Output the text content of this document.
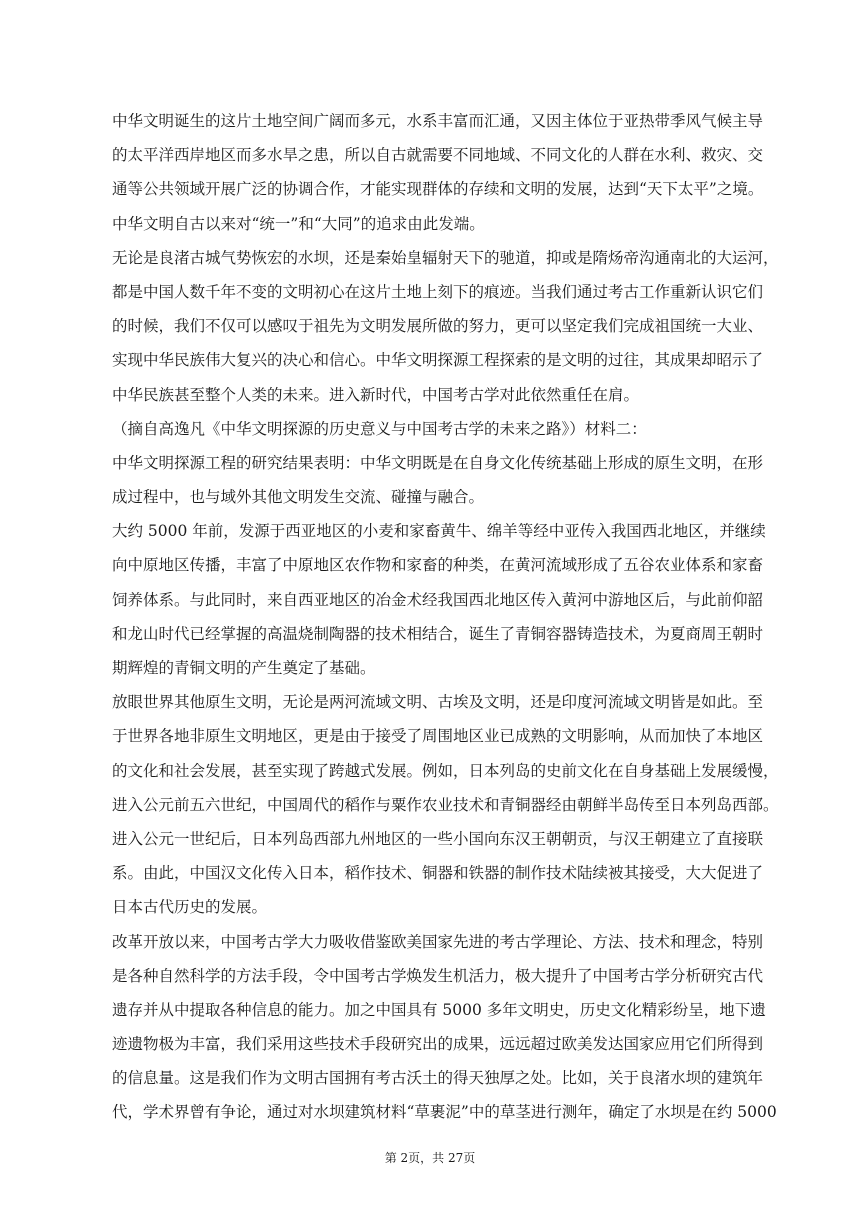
中华文明诞生的这片土地空间广阔而多元，水系丰富而汇通，又因主体位于亚热带季风气候主导
的太平洋西岸地区而多水旱之患，所以自古就需要不同地域、不同文化的人群在水利、救灾、交
通等公共领域开展广泛的协调合作，才能实现群体的存续和文明的发展，达到“天下太平”之境。
中华文明自古以来对“统一”和“大同”的追求由此发端。
无论是良渚古城气势恢宏的水坝，还是秦始皇辐射天下的驰道，抑或是隋炀帝沟通南北的大运河，
都是中国人数千年不变的文明初心在这片土地上刻下的痕迹。当我们通过考古工作重新认识它们
的时候，我们不仅可以感叹于祖先为文明发展所做的努力，更可以坚定我们完成祖国统一大业、
实现中华民族伟大复兴的决心和信心。中华文明探源工程探索的是文明的过往，其成果却昭示了
中华民族甚至整个人类的未来。进入新时代，中国考古学对此依然重任在肩。
（摘自高逸凡《中华文明探源的历史意义与中国考古学的未来之路》）材料二：
中华文明探源工程的研究结果表明：中华文明既是在自身文化传统基础上形成的原生文明，在形
成过程中，也与域外其他文明发生交流、碰撞与融合。
大约 5000 年前，发源于西亚地区的小麦和家畜黄牛、绵羊等经中亚传入我国西北地区，并继续
向中原地区传播，丰富了中原地区农作物和家畜的种类，在黄河流域形成了五谷农业体系和家畜
饲养体系。与此同时，来自西亚地区的冶金术经我国西北地区传入黄河中游地区后，与此前仰韶
和龙山时代已经掌握的高温烧制陶器的技术相结合，诞生了青铜容器铸造技术，为夏商周王朝时
期辉煌的青铜文明的产生奠定了基础。
放眼世界其他原生文明，无论是两河流域文明、古埃及文明，还是印度河流域文明皆是如此。至
于世界各地非原生文明地区，更是由于接受了周围地区业已成熟的文明影响，从而加快了本地区
的文化和社会发展，甚至实现了跨越式发展。例如，日本列岛的史前文化在自身基础上发展缓慢，
进入公元前五六世纪，中国周代的稻作与粟作农业技术和青铜器经由朝鲜半岛传至日本列岛西部。
进入公元一世纪后，日本列岛西部九州地区的一些小国向东汉王朝朝贡，与汉王朝建立了直接联
系。由此，中国汉文化传入日本，稻作技术、铜器和铁器的制作技术陆续被其接受，大大促进了
日本古代历史的发展。
改革开放以来，中国考古学大力吸收借鉴欧美国家先进的考古学理论、方法、技术和理念，特别
是各种自然科学的方法手段，令中国考古学焕发生机活力，极大提升了中国考古学分析研究古代
遗存并从中提取各种信息的能力。加之中国具有 5000 多年文明史，历史文化精彩纷呈，地下遗
迹遗物极为丰富，我们采用这些技术手段研究出的成果，远远超过欧美发达国家应用它们所得到
的信息量。这是我们作为文明古国拥有考古沃土的得天独厚之处。比如，关于良渚水坝的建筑年
代，学术界曾有争论，通过对水坝建筑材料“草裹泥”中的草茎进行测年，确定了水坝是在约 5000
第 2页，共 27页
